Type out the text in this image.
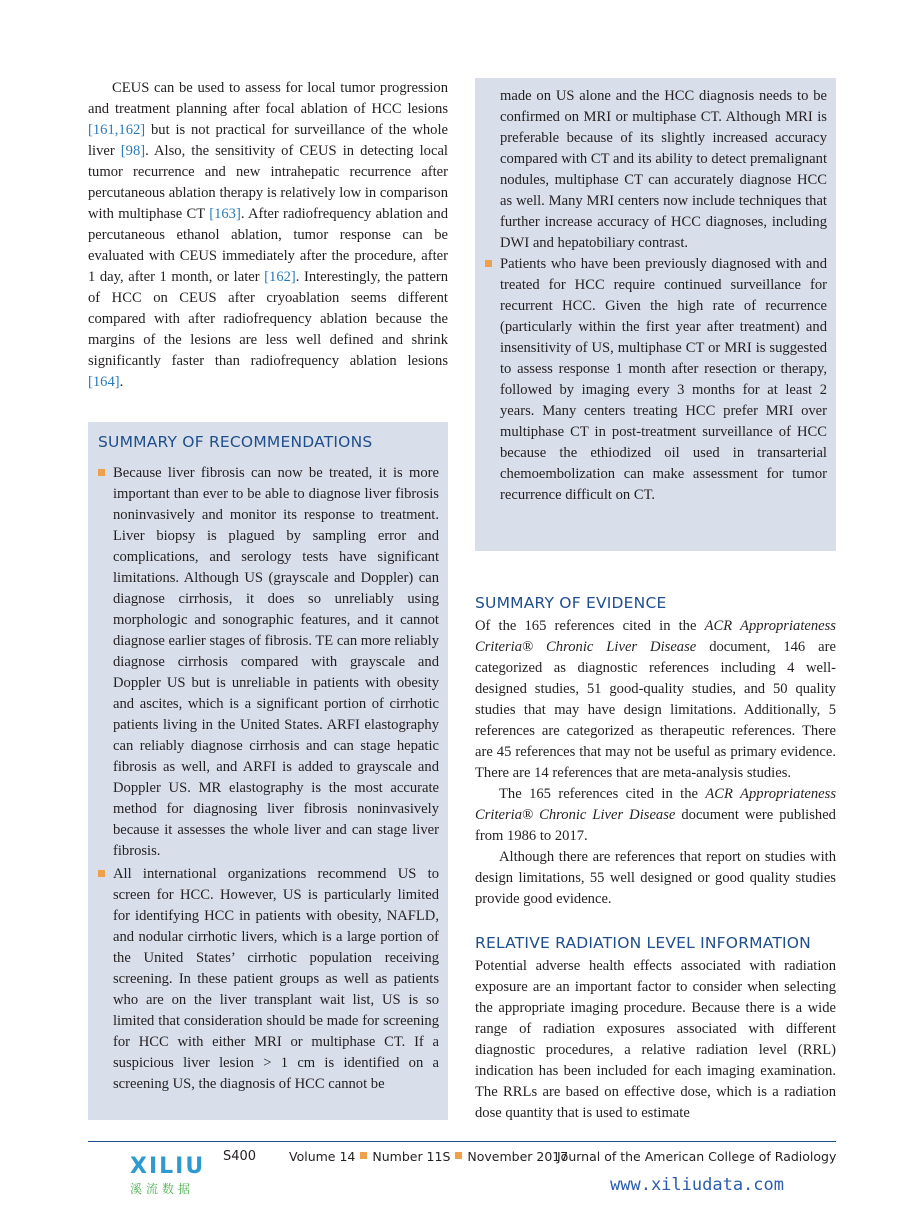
CEUS can be used to assess for local tumor progression and treatment planning after focal ablation of HCC lesions [161,162] but is not practical for surveillance of the whole liver [98]. Also, the sensitivity of CEUS in detecting local tumor recurrence and new intrahepatic recurrence after percutaneous ablation therapy is relatively low in comparison with multiphase CT [163]. After radiofrequency ablation and percutaneous ethanol ablation, tumor response can be evaluated with CEUS immediately after the procedure, after 1 day, after 1 month, or later [162]. Interestingly, the pattern of HCC on CEUS after cryoablation seems different compared with after radiofrequency ablation because the margins of the lesions are less well defined and shrink significantly faster than radiofrequency ablation lesions [164].

SUMMARY OF RECOMMENDATIONS

Because liver fibrosis can now be treated, it is more important than ever to be able to diagnose liver fibrosis noninvasively and monitor its response to treatment. Liver biopsy is plagued by sampling error and complications, and serology tests have significant limitations. Although US (grayscale and Doppler) can diagnose cirrhosis, it does so unreliably using morphologic and sonographic features, and it cannot diagnose earlier stages of fibrosis. TE can more reliably diagnose cirrhosis compared with grayscale and Doppler US but is unreliable in patients with obesity and ascites, which is a significant portion of cirrhotic patients living in the United States. ARFI elastography can reliably diagnose cirrhosis and can stage hepatic fibrosis as well, and ARFI is added to grayscale and Doppler US. MR elastography is the most accurate method for diagnosing liver fibrosis noninvasively because it assesses the whole liver and can stage liver fibrosis.

All international organizations recommend US to screen for HCC. However, US is particularly limited for identifying HCC in patients with obesity, NAFLD, and nodular cirrhotic livers, which is a large portion of the United States’ cirrhotic population receiving screening. In these patient groups as well as patients who are on the liver transplant wait list, US is so limited that consideration should be made for screening for HCC with either MRI or multiphase CT. If a suspicious liver lesion > 1 cm is identified on a screening US, the diagnosis of HCC cannot be

made on US alone and the HCC diagnosis needs to be confirmed on MRI or multiphase CT. Although MRI is preferable because of its slightly increased accuracy compared with CT and its ability to detect premalignant nodules, multiphase CT can accurately diagnose HCC as well. Many MRI centers now include techniques that further increase accuracy of HCC diagnoses, including DWI and hepatobiliary contrast.

Patients who have been previously diagnosed with and treated for HCC require continued surveillance for recurrent HCC. Given the high rate of recurrence (particularly within the first year after treatment) and insensitivity of US, multiphase CT or MRI is suggested to assess response 1 month after resection or therapy, followed by imaging every 3 months for at least 2 years. Many centers treating HCC prefer MRI over multiphase CT in post-treatment surveillance of HCC because the ethiodized oil used in transarterial chemoembolization can make assessment for tumor recurrence difficult on CT.

SUMMARY OF EVIDENCE

Of the 165 references cited in the ACR Appropriateness Criteria® Chronic Liver Disease document, 146 are categorized as diagnostic references including 4 well-designed studies, 51 good-quality studies, and 50 quality studies that may have design limitations. Additionally, 5 references are categorized as therapeutic references. There are 45 references that may not be useful as primary evidence. There are 14 references that are meta-analysis studies.

The 165 references cited in the ACR Appropriateness Criteria® Chronic Liver Disease document were published from 1986 to 2017.

Although there are references that report on studies with design limitations, 55 well designed or good quality studies provide good evidence.

RELATIVE RADIATION LEVEL INFORMATION

Potential adverse health effects associated with radiation exposure are an important factor to consider when selecting the appropriate imaging procedure. Because there is a wide range of radiation exposures associated with different diagnostic procedures, a relative radiation level (RRL) indication has been included for each imaging examination. The RRLs are based on effective dose, which is a radiation dose quantity that is used to estimate

S400	Volume 14 Number 11S November 2017
Journal of the American College of Radiology
XILIU
溪流数据	www.xiliudata.com
